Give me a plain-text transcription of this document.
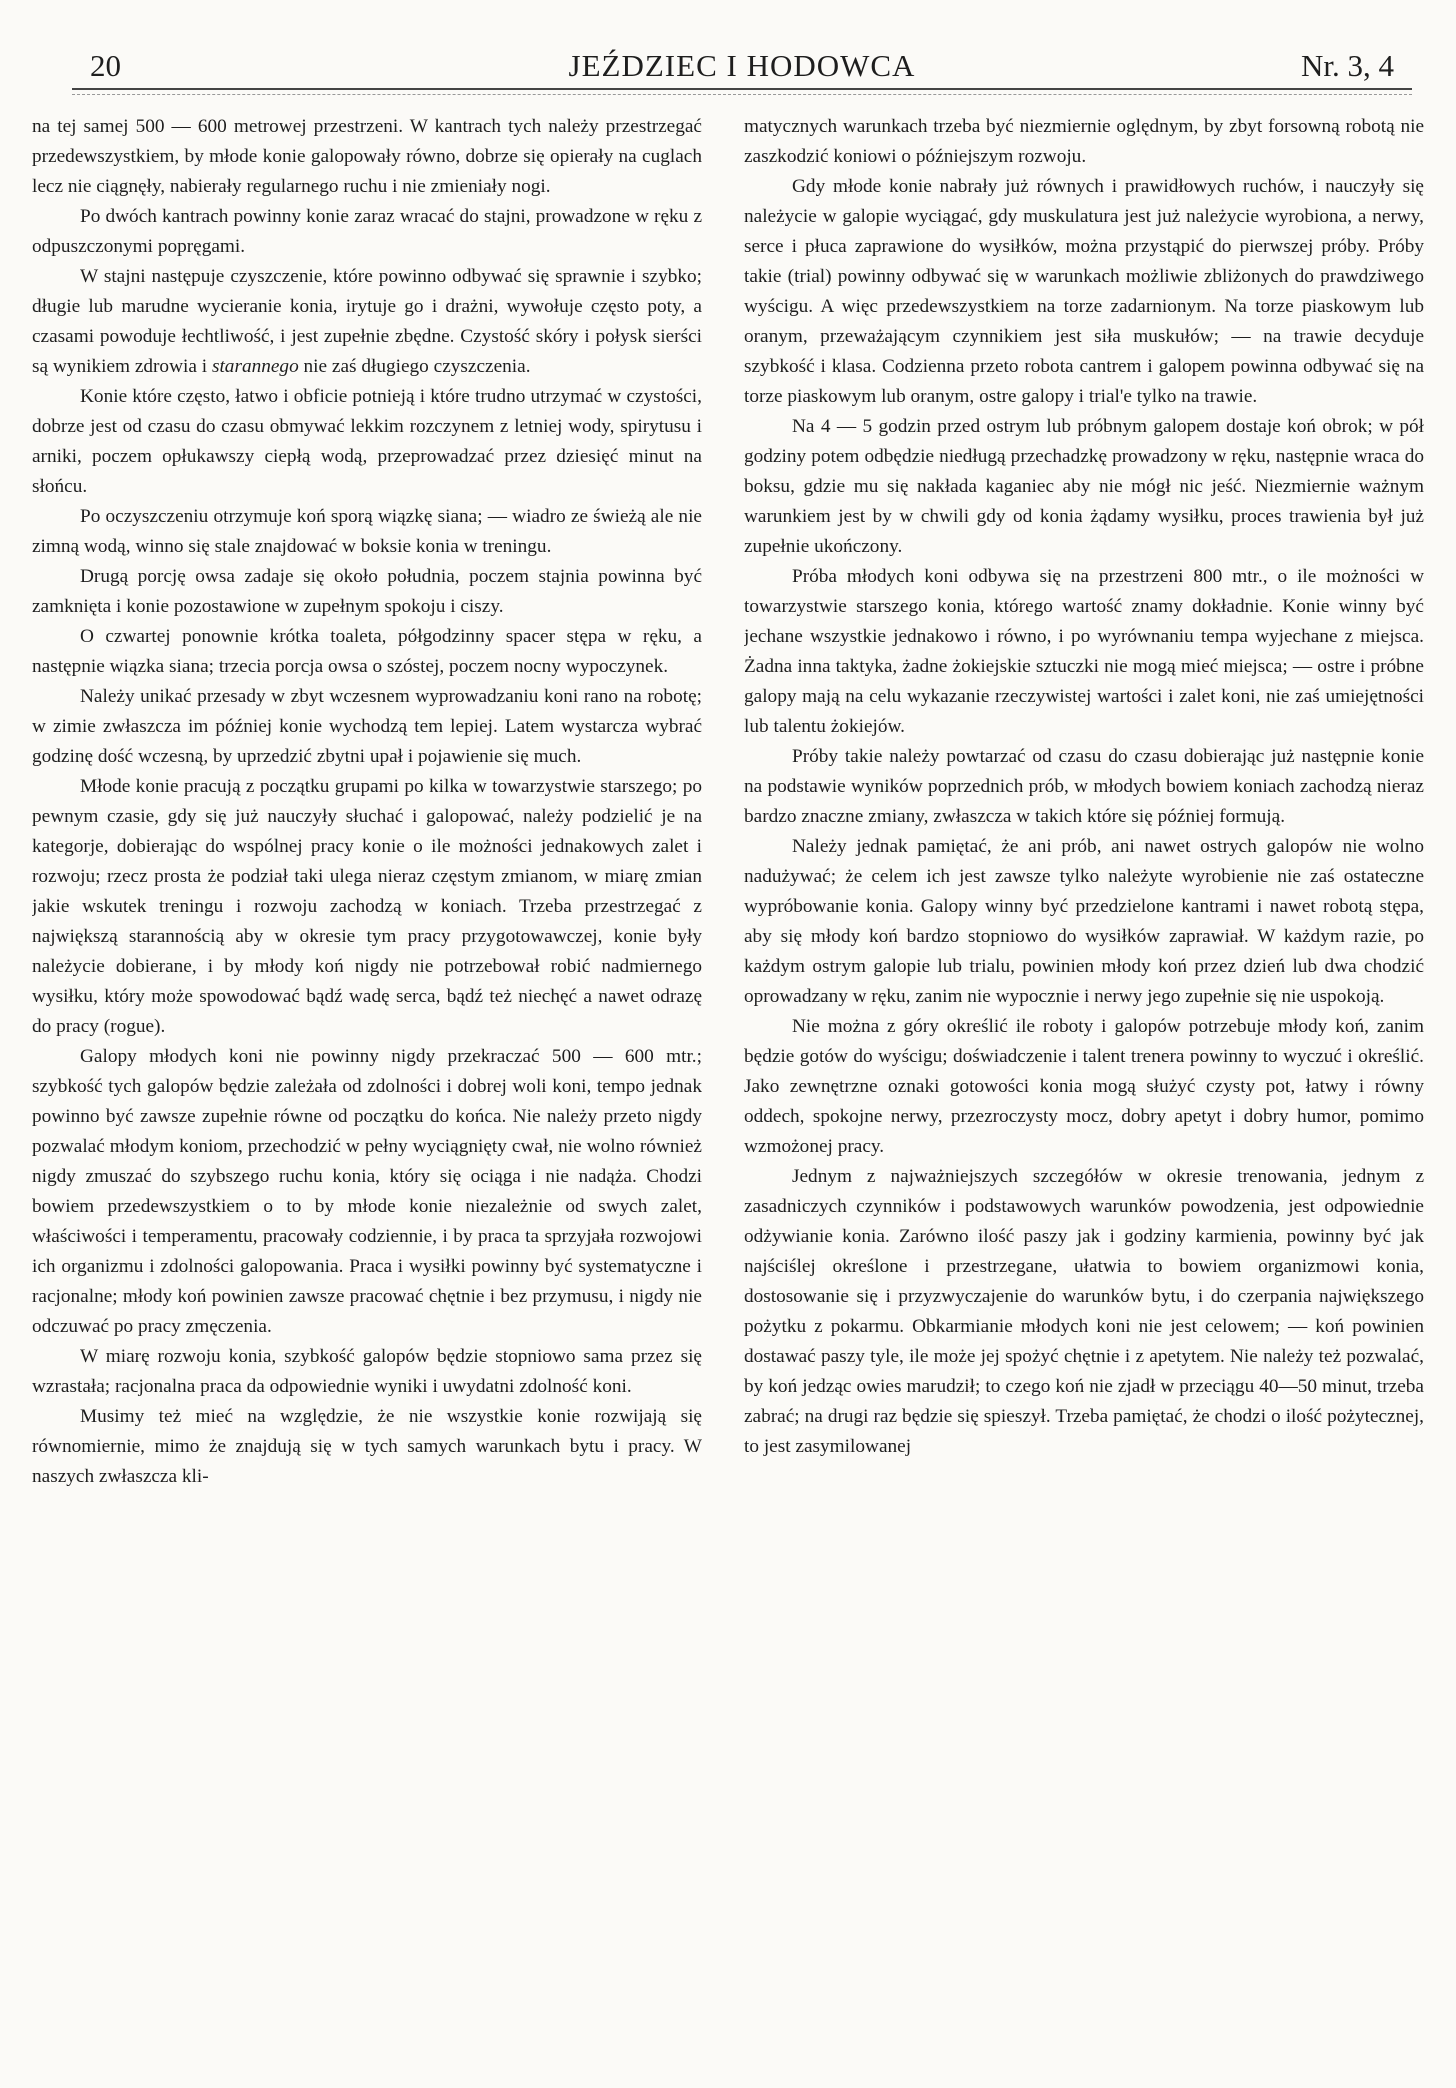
20	JEŹDZIEC I HODOWCA	Nr. 3, 4

na tej samej 500 — 600 metrowej przestrzeni. W kantrach tych należy przestrzegać przedewszystkiem, by młode konie galopowały równo, dobrze się opierały na cuglach lecz nie ciągnęły, nabierały regularnego ruchu i nie zmieniały nogi.

Po dwóch kantrach powinny konie zaraz wracać do stajni, prowadzone w ręku z odpuszczonymi popręgami.

W stajni następuje czyszczenie, które powinno odbywać się sprawnie i szybko; długie lub marudne wycieranie konia, irytuje go i drażni, wywołuje często poty, a czasami powoduje łechtliwość, i jest zupełnie zbędne. Czystość skóry i połysk sierści są wynikiem zdrowia i starannego nie zaś długiego czyszczenia.

Konie które często, łatwo i obficie potnieją i które trudno utrzymać w czystości, dobrze jest od czasu do czasu obmywać lekkim rozczynem z letniej wody, spirytusu i arniki, poczem opłukawszy ciepłą wodą, przeprowadzać przez dziesięć minut na słońcu.

Po oczyszczeniu otrzymuje koń sporą wiązkę siana; — wiadro ze świeżą ale nie zimną wodą, winno się stale znajdować w boksie konia w treningu.

Drugą porcję owsa zadaje się około południa, poczem stajnia powinna być zamknięta i konie pozostawione w zupełnym spokoju i ciszy.

O czwartej ponownie krótka toaleta, półgodzinny spacer stępa w ręku, a następnie wiązka siana; trzecia porcja owsa o szóstej, poczem nocny wypoczynek.

Należy unikać przesady w zbyt wczesnem wyprowadzaniu koni rano na robotę; w zimie zwłaszcza im później konie wychodzą tem lepiej. Latem wystarcza wybrać godzinę dość wczesną, by uprzedzić zbytni upał i pojawienie się much.

Młode konie pracują z początku grupami po kilka w towarzystwie starszego; po pewnym czasie, gdy się już nauczyły słuchać i galopować, należy podzielić je na kategorje, dobierając do wspólnej pracy konie o ile możności jednakowych zalet i rozwoju; rzecz prosta że podział taki ulega nieraz częstym zmianom, w miarę zmian jakie wskutek treningu i rozwoju zachodzą w koniach. Trzeba przestrzegać z największą starannością aby w okresie tym pracy przygotowawczej, konie były należycie dobierane, i by młody koń nigdy nie potrzebował robić nadmiernego wysiłku, który może spowodować bądź wadę serca, bądź też niechęć a nawet odrazę do pracy (rogue).

Galopy młodych koni nie powinny nigdy przekraczać 500 — 600 mtr.; szybkość tych galopów będzie zależała od zdolności i dobrej woli koni, tempo jednak powinno być zawsze zupełnie równe od początku do końca. Nie należy przeto nigdy pozwalać młodym koniom, przechodzić w pełny wyciągnięty cwał, nie wolno również nigdy zmuszać do szybszego ruchu konia, który się ociąga i nie nadąża. Chodzi bowiem przedewszystkiem o to by młode konie niezależnie od swych zalet, właściwości i temperamentu, pracowały codziennie, i by praca ta sprzyjała rozwojowi ich organizmu i zdolności galopowania. Praca i wysiłki powinny być systematyczne i racjonalne; młody koń powinien zawsze pracować chętnie i bez przymusu, i nigdy nie odczuwać po pracy zmęczenia.

W miarę rozwoju konia, szybkość galopów będzie stopniowo sama przez się wzrastała; racjonalna praca da odpowiednie wyniki i uwydatni zdolność koni.

Musimy też mieć na względzie, że nie wszystkie konie rozwijają się równomiernie, mimo że znajdują się w tych samych warunkach bytu i pracy. W naszych zwłaszcza kli-

matycznych warunkach trzeba być niezmiernie oględnym, by zbyt forsowną robotą nie zaszkodzić koniowi o późniejszym rozwoju.

Gdy młode konie nabrały już równych i prawidłowych ruchów, i nauczyły się należycie w galopie wyciągać, gdy muskulatura jest już należycie wyrobiona, a nerwy, serce i płuca zaprawione do wysiłków, można przystąpić do pierwszej próby. Próby takie (trial) powinny odbywać się w warunkach możliwie zbliżonych do prawdziwego wyścigu. A więc przedewszystkiem na torze zadarnionym. Na torze piaskowym lub oranym, przeważającym czynnikiem jest siła muskułów; — na trawie decyduje szybkość i klasa. Codzienna przeto robota cantrem i galopem powinna odbywać się na torze piaskowym lub oranym, ostre galopy i trial'e tylko na trawie.

Na 4 — 5 godzin przed ostrym lub próbnym galopem dostaje koń obrok; w pół godziny potem odbędzie niedługą przechadzkę prowadzony w ręku, następnie wraca do boksu, gdzie mu się nakłada kaganiec aby nie mógł nic jeść. Niezmiernie ważnym warunkiem jest by w chwili gdy od konia żądamy wysiłku, proces trawienia był już zupełnie ukończony.

Próba młodych koni odbywa się na przestrzeni 800 mtr., o ile możności w towarzystwie starszego konia, którego wartość znamy dokładnie. Konie winny być jechane wszystkie jednakowo i równo, i po wyrównaniu tempa wyjechane z miejsca. Żadna inna taktyka, żadne żokiejskie sztuczki nie mogą mieć miejsca; — ostre i próbne galopy mają na celu wykazanie rzeczywistej wartości i zalet koni, nie zaś umiejętności lub talentu żokiejów.

Próby takie należy powtarzać od czasu do czasu dobierając już następnie konie na podstawie wyników poprzednich prób, w młodych bowiem koniach zachodzą nieraz bardzo znaczne zmiany, zwłaszcza w takich które się później formują.

Należy jednak pamiętać, że ani prób, ani nawet ostrych galopów nie wolno nadużywać; że celem ich jest zawsze tylko należyte wyrobienie nie zaś ostateczne wypróbowanie konia. Galopy winny być przedzielone kantrami i nawet robotą stępa, aby się młody koń bardzo stopniowo do wysiłków zaprawiał. W każdym razie, po każdym ostrym galopie lub trialu, powinien młody koń przez dzień lub dwa chodzić oprowadzany w ręku, zanim nie wypocznie i nerwy jego zupełnie się nie uspokoją.

Nie można z góry określić ile roboty i galopów potrzebuje młody koń, zanim będzie gotów do wyścigu; doświadczenie i talent trenera powinny to wyczuć i określić. Jako zewnętrzne oznaki gotowości konia mogą służyć czysty pot, łatwy i równy oddech, spokojne nerwy, przezroczysty mocz, dobry apetyt i dobry humor, pomimo wzmożonej pracy.

Jednym z najważniejszych szczegółów w okresie trenowania, jednym z zasadniczych czynników i podstawowych warunków powodzenia, jest odpowiednie odżywianie konia. Zarówno ilość paszy jak i godziny karmienia, powinny być jak najściślej określone i przestrzegane, ułatwia to bowiem organizmowi konia, dostosowanie się i przyzwyczajenie do warunków bytu, i do czerpania największego pożytku z pokarmu. Obkarmianie młodych koni nie jest celowem; — koń powinien dostawać paszy tyle, ile może jej spożyć chętnie i z apetytem. Nie należy też pozwalać, by koń jedząc owies marudził; to czego koń nie zjadł w przeciągu 40—50 minut, trzeba zabrać; na drugi raz będzie się spieszył. Trzeba pamiętać, że chodzi o ilość pożytecznej, to jest zasymilowanej
